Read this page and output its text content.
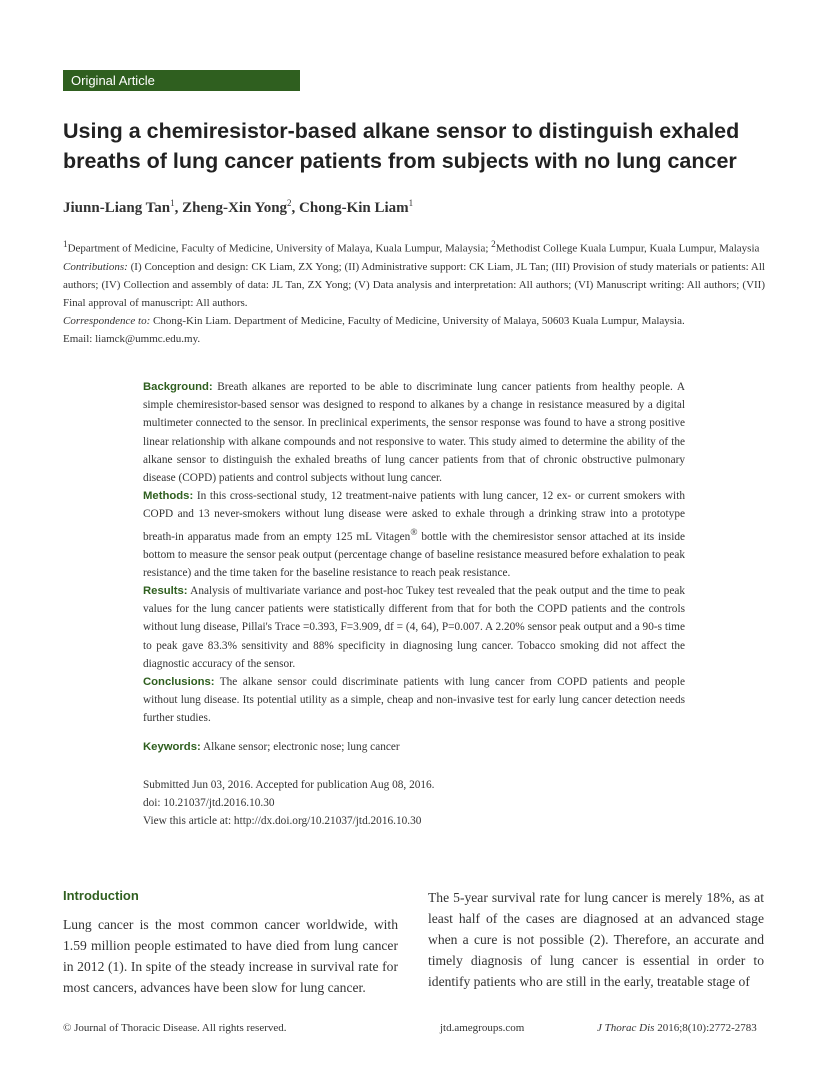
Original Article
Using a chemiresistor-based alkane sensor to distinguish exhaled breaths of lung cancer patients from subjects with no lung cancer
Jiunn-Liang Tan$^1$, Zheng-Xin Yong$^2$, Chong-Kin Liam$^1$
$^1$Department of Medicine, Faculty of Medicine, University of Malaya, Kuala Lumpur, Malaysia; $^2$Methodist College Kuala Lumpur, Kuala Lumpur, Malaysia
Contributions: (I) Conception and design: CK Liam, ZX Yong; (II) Administrative support: CK Liam, JL Tan; (III) Provision of study materials or patients: All authors; (IV) Collection and assembly of data: JL Tan, ZX Yong; (V) Data analysis and interpretation: All authors; (VI) Manuscript writing: All authors; (VII) Final approval of manuscript: All authors.
Correspondence to: Chong-Kin Liam. Department of Medicine, Faculty of Medicine, University of Malaya, 50603 Kuala Lumpur, Malaysia.
Email: liamck@ummc.edu.my.
Background: Breath alkanes are reported to be able to discriminate lung cancer patients from healthy people. A simple chemiresistor-based sensor was designed to respond to alkanes by a change in resistance measured by a digital multimeter connected to the sensor. In preclinical experiments, the sensor response was found to have a strong positive linear relationship with alkane compounds and not responsive to water. This study aimed to determine the ability of the alkane sensor to distinguish the exhaled breaths of lung cancer patients from that of chronic obstructive pulmonary disease (COPD) patients and control subjects without lung cancer.
Methods: In this cross-sectional study, 12 treatment-naive patients with lung cancer, 12 ex- or current smokers with COPD and 13 never-smokers without lung disease were asked to exhale through a drinking straw into a prototype breath-in apparatus made from an empty 125 mL Vitagen® bottle with the chemiresistor sensor attached at its inside bottom to measure the sensor peak output (percentage change of baseline resistance measured before exhalation to peak resistance) and the time taken for the baseline resistance to reach peak resistance.
Results: Analysis of multivariate variance and post-hoc Tukey test revealed that the peak output and the time to peak values for the lung cancer patients were statistically different from that for both the COPD patients and the controls without lung disease, Pillai's Trace =0.393, F=3.909, df = (4, 64), P=0.007. A 2.20% sensor peak output and a 90-s time to peak gave 83.3% sensitivity and 88% specificity in diagnosing lung cancer. Tobacco smoking did not affect the diagnostic accuracy of the sensor.
Conclusions: The alkane sensor could discriminate patients with lung cancer from COPD patients and people without lung disease. Its potential utility as a simple, cheap and non-invasive test for early lung cancer detection needs further studies.
Keywords: Alkane sensor; electronic nose; lung cancer
Submitted Jun 03, 2016. Accepted for publication Aug 08, 2016.
doi: 10.21037/jtd.2016.10.30
View this article at: http://dx.doi.org/10.21037/jtd.2016.10.30
Introduction
Lung cancer is the most common cancer worldwide, with 1.59 million people estimated to have died from lung cancer in 2012 (1). In spite of the steady increase in survival rate for most cancers, advances have been slow for lung cancer.
The 5-year survival rate for lung cancer is merely 18%, as at least half of the cases are diagnosed at an advanced stage when a cure is not possible (2). Therefore, an accurate and timely diagnosis of lung cancer is essential in order to identify patients who are still in the early, treatable stage of
© Journal of Thoracic Disease. All rights reserved.	jtd.amegroups.com	J Thorac Dis 2016;8(10):2772-2783
